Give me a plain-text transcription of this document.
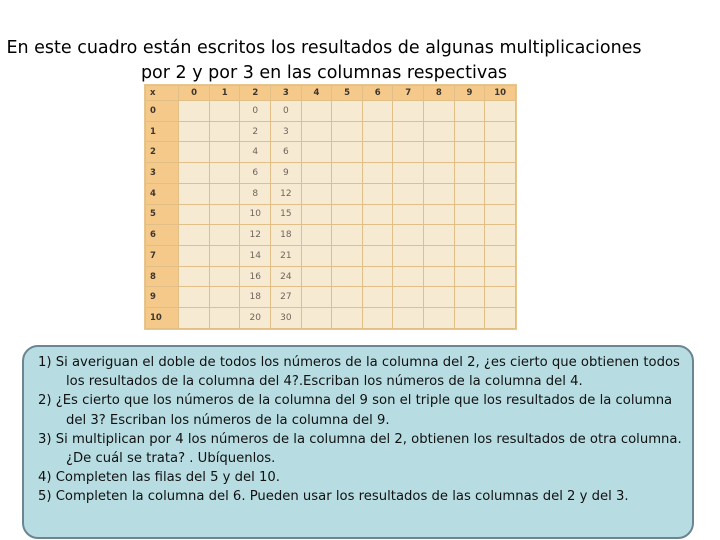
En este cuadro están escritos los resultados de algunas multiplicaciones
por 2 y por 3 en las columnas respectivas
x	0	1	2	3	4	5	6	7	8	9	10
0			0	0							
1			2	3							
2			4	6							
3			6	9							
4			8	12							
5			10	15							
6			12	18							
7			14	21							
8			16	24							
9			18	27							
10			20	30							

1) Si averiguan el doble de todos los números de la columna del 2, ¿es cierto que obtienen todos los resultados de la columna del 4?.Escriban los números de la columna del 4.

2) ¿Es cierto que los números de la columna del 9 son el triple que los resultados de la columna del 3? Escriban los números de la columna del 9.

3) Si multiplican por 4 los números de la columna del 2, obtienen los resultados de otra columna. ¿De cuál se trata? . Ubíquenlos.

4) Completen las filas del 5 y del 10.

5) Completen la columna del 6. Pueden usar los resultados de las columnas del 2 y del 3.
